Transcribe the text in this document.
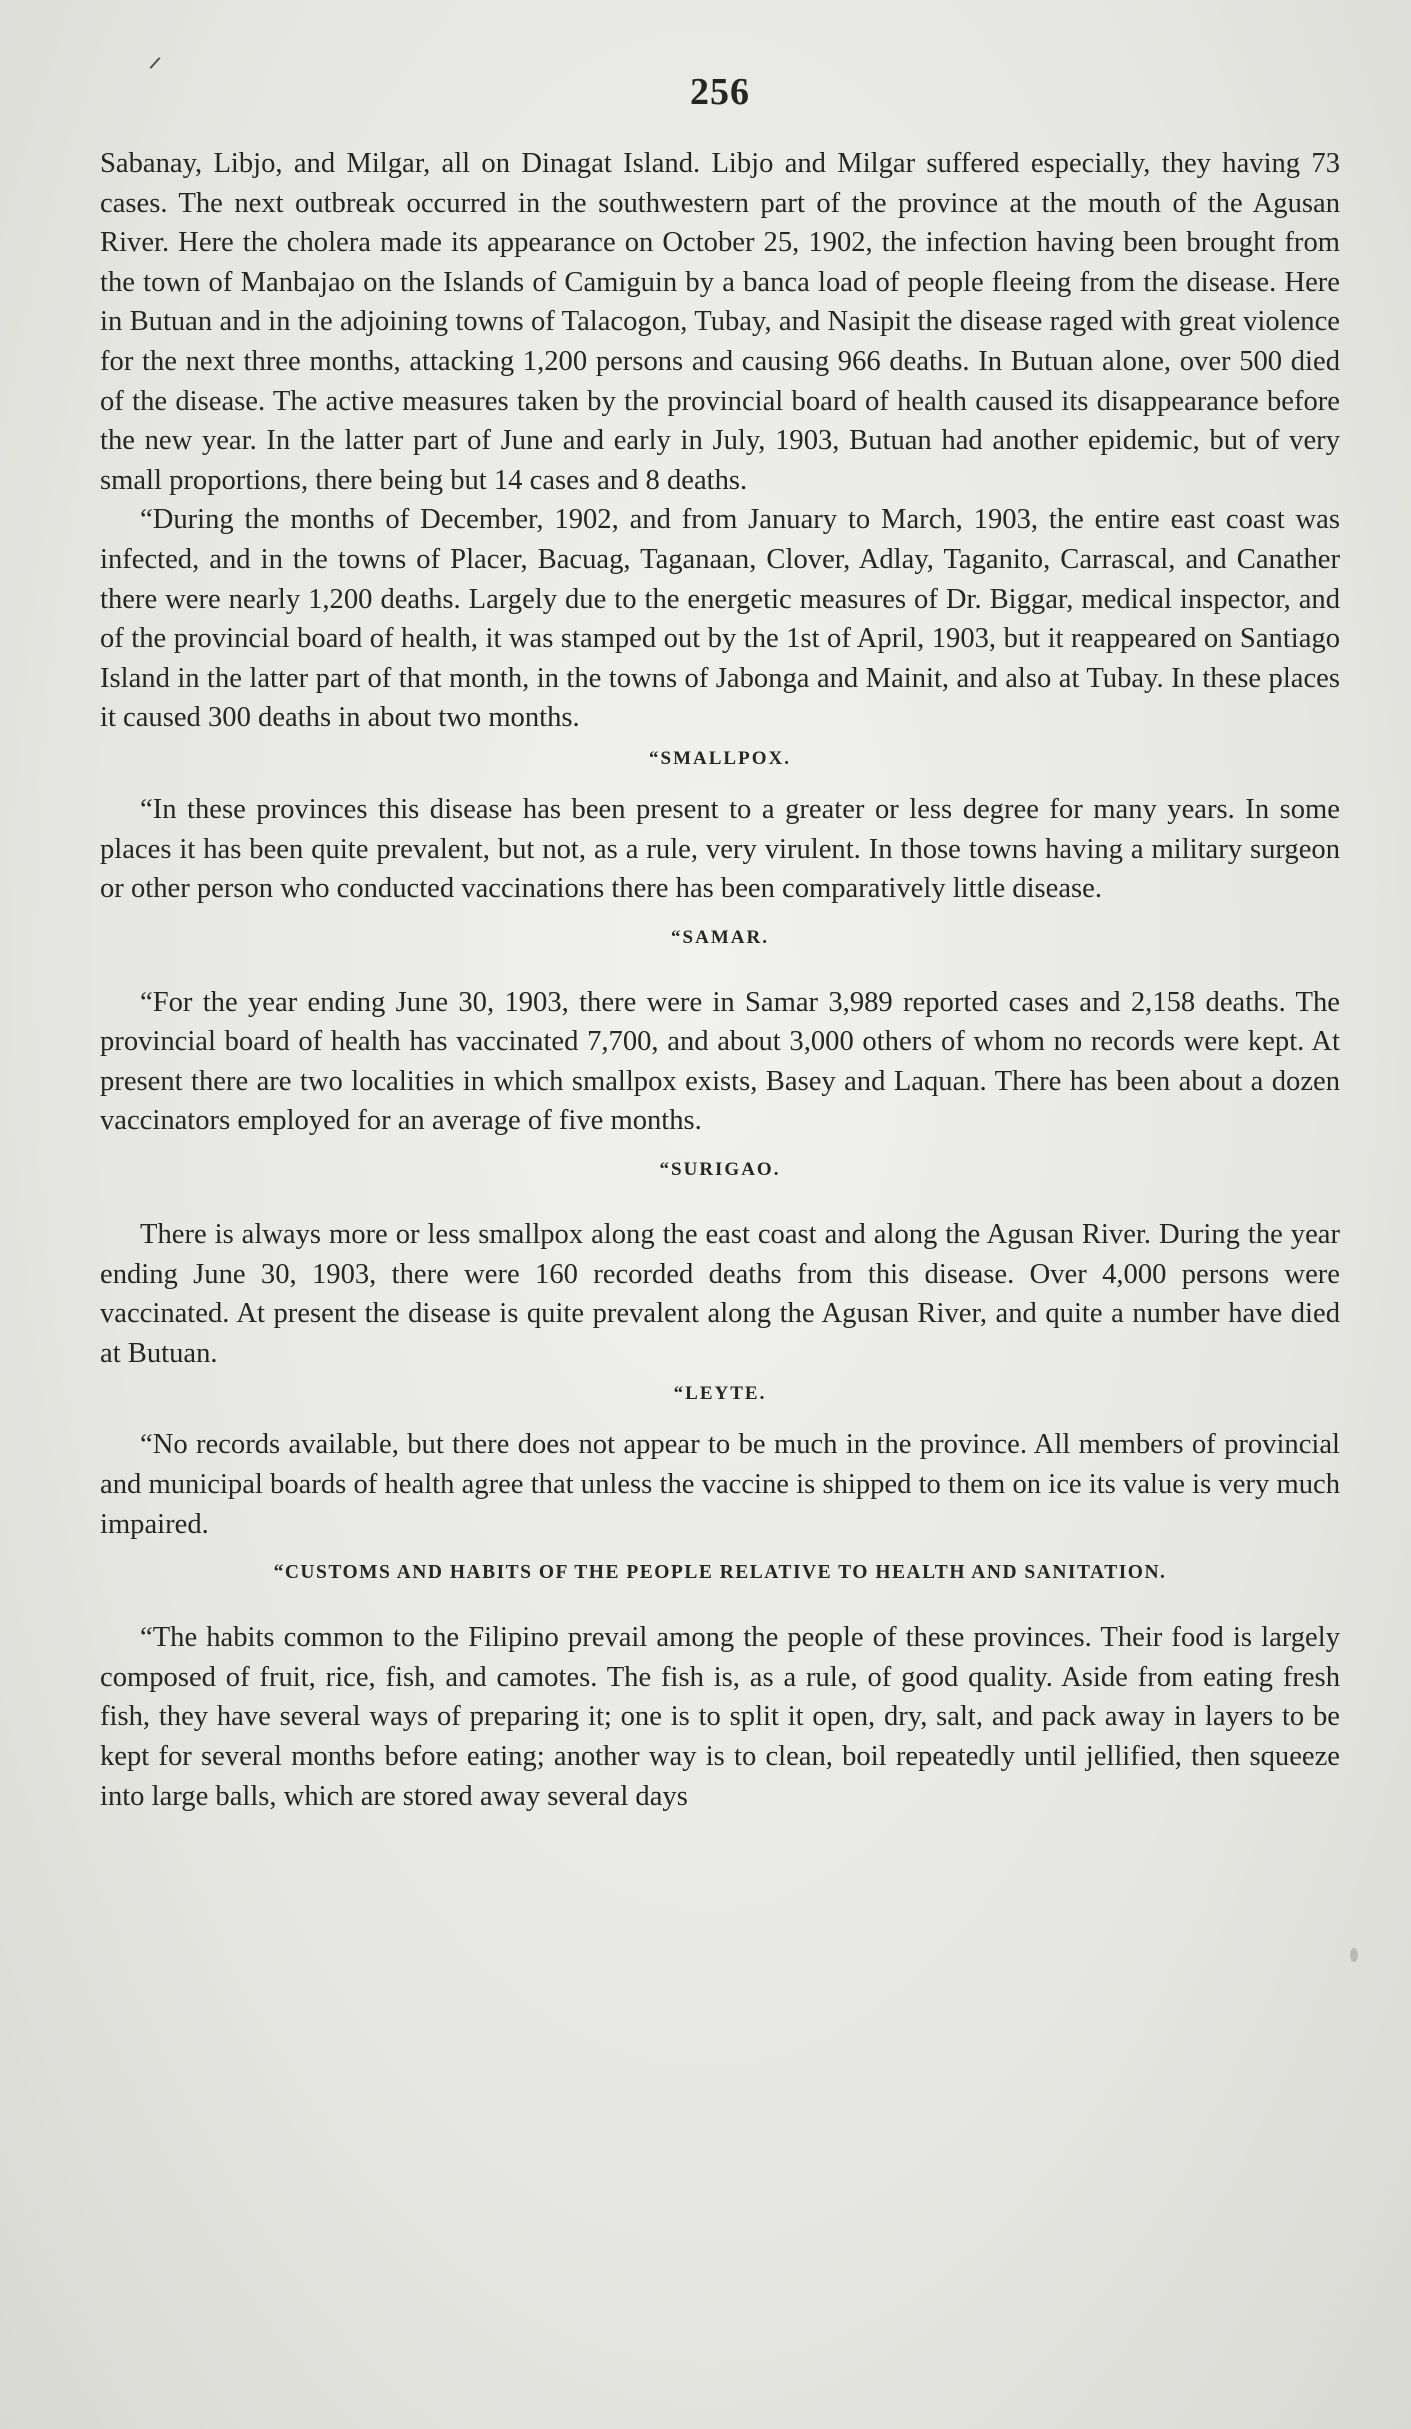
256

Sabanay, Libjo, and Milgar, all on Dinagat Island. Libjo and Milgar suffered especially, they having 73 cases. The next outbreak occurred in the southwestern part of the province at the mouth of the Agusan River. Here the cholera made its appearance on October 25, 1902, the infection having been brought from the town of Manbajao on the Islands of Camiguin by a banca load of people fleeing from the disease. Here in Butuan and in the adjoining towns of Talacogon, Tubay, and Nasipit the disease raged with great violence for the next three months, attacking 1,200 persons and causing 966 deaths. In Butuan alone, over 500 died of the disease. The active measures taken by the provincial board of health caused its disappearance before the new year. In the latter part of June and early in July, 1903, Butuan had another epidemic, but of very small proportions, there being but 14 cases and 8 deaths.

“During the months of December, 1902, and from January to March, 1903, the entire east coast was infected, and in the towns of Placer, Bacuag, Taganaan, Clover, Adlay, Taganito, Carrascal, and Canather there were nearly 1,200 deaths. Largely due to the energetic measures of Dr. Biggar, medical inspector, and of the provincial board of health, it was stamped out by the 1st of April, 1903, but it reappeared on Santiago Island in the latter part of that month, in the towns of Jabonga and Mainit, and also at Tubay. In these places it caused 300 deaths in about two months.

“SMALLPOX.

“In these provinces this disease has been present to a greater or less degree for many years. In some places it has been quite prevalent, but not, as a rule, very virulent. In those towns having a military surgeon or other person who conducted vaccinations there has been comparatively little disease.

“SAMAR.

“For the year ending June 30, 1903, there were in Samar 3,989 reported cases and 2,158 deaths. The provincial board of health has vaccinated 7,700, and about 3,000 others of whom no records were kept. At present there are two localities in which smallpox exists, Basey and Laquan. There has been about a dozen vaccinators employed for an average of five months.

“SURIGAO.

There is always more or less smallpox along the east coast and along the Agusan River. During the year ending June 30, 1903, there were 160 recorded deaths from this disease. Over 4,000 persons were vaccinated. At present the disease is quite prevalent along the Agusan River, and quite a number have died at Butuan.

“LEYTE.

“No records available, but there does not appear to be much in the province. All members of provincial and municipal boards of health agree that unless the vaccine is shipped to them on ice its value is very much impaired.

“CUSTOMS AND HABITS OF THE PEOPLE RELATIVE TO HEALTH AND SANITATION.

“The habits common to the Filipino prevail among the people of these provinces. Their food is largely composed of fruit, rice, fish, and camotes. The fish is, as a rule, of good quality. Aside from eating fresh fish, they have several ways of preparing it; one is to split it open, dry, salt, and pack away in layers to be kept for several months before eating; another way is to clean, boil repeatedly until jellified, then squeeze into large balls, which are stored away several days
